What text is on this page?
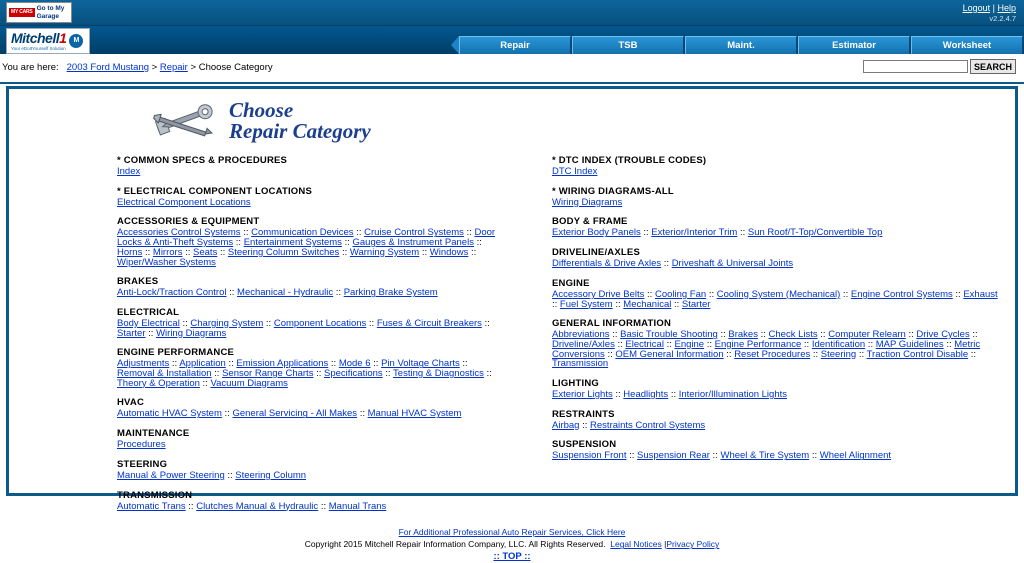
MY CARS
Go to My
Garage
Logout | Help
v2.2.4.7
Mitchell1
Your eDoItYourself Solution
M	Repair	TSB	Maint.	Estimator	Worksheet
You are here: 2003 Ford Mustang > Repair > Choose Category	SEARCH
Choose
Repair Category
* COMMON SPECS & PROCEDURES
Index
* ELECTRICAL COMPONENT LOCATIONS
Electrical Component Locations
ACCESSORIES & EQUIPMENT
Accessories Control Systems :: Communication Devices :: Cruise Control Systems :: Door Locks & Anti-Theft Systems :: Entertainment Systems :: Gauges & Instrument Panels :: Horns :: Mirrors :: Seats :: Steering Column Switches :: Warning System :: Windows :: Wiper/Washer Systems
BRAKES
Anti-Lock/Traction Control :: Mechanical - Hydraulic :: Parking Brake System
ELECTRICAL
Body Electrical :: Charging System :: Component Locations :: Fuses & Circuit Breakers :: Starter :: Wiring Diagrams
ENGINE PERFORMANCE
Adjustments :: Application :: Emission Applications :: Mode 6 :: Pin Voltage Charts :: Removal & Installation :: Sensor Range Charts :: Specifications :: Testing & Diagnostics :: Theory & Operation :: Vacuum Diagrams
HVAC
Automatic HVAC System :: General Servicing - All Makes :: Manual HVAC System
MAINTENANCE
Procedures
STEERING
Manual & Power Steering :: Steering Column
TRANSMISSION
Automatic Trans :: Clutches Manual & Hydraulic :: Manual Trans
* DTC INDEX (TROUBLE CODES)
DTC Index
* WIRING DIAGRAMS-ALL
Wiring Diagrams
BODY & FRAME
Exterior Body Panels :: Exterior/Interior Trim :: Sun Roof/T-Top/Convertible Top
DRIVELINE/AXLES
Differentials & Drive Axles :: Driveshaft & Universal Joints
ENGINE
Accessory Drive Belts :: Cooling Fan :: Cooling System (Mechanical) :: Engine Control Systems :: Exhaust :: Fuel System :: Mechanical :: Starter
GENERAL INFORMATION
Abbreviations :: Basic Trouble Shooting :: Brakes :: Check Lists :: Computer Relearn :: Drive Cycles :: Driveline/Axles :: Electrical :: Engine :: Engine Performance :: Identification :: MAP Guidelines :: Metric Conversions :: OEM General Information :: Reset Procedures :: Steering :: Traction Control Disable :: Transmission
LIGHTING
Exterior Lights :: Headlights :: Interior/Illumination Lights
RESTRAINTS
Airbag :: Restraints Control Systems
SUSPENSION
Suspension Front :: Suspension Rear :: Wheel & Tire System :: Wheel Alignment
For Additional Professional Auto Repair Services, Click Here
Copyright 2015 Mitchell Repair Information Company, LLC. All Rights Reserved. Legal Notices |Privacy Policy
:: TOP ::
